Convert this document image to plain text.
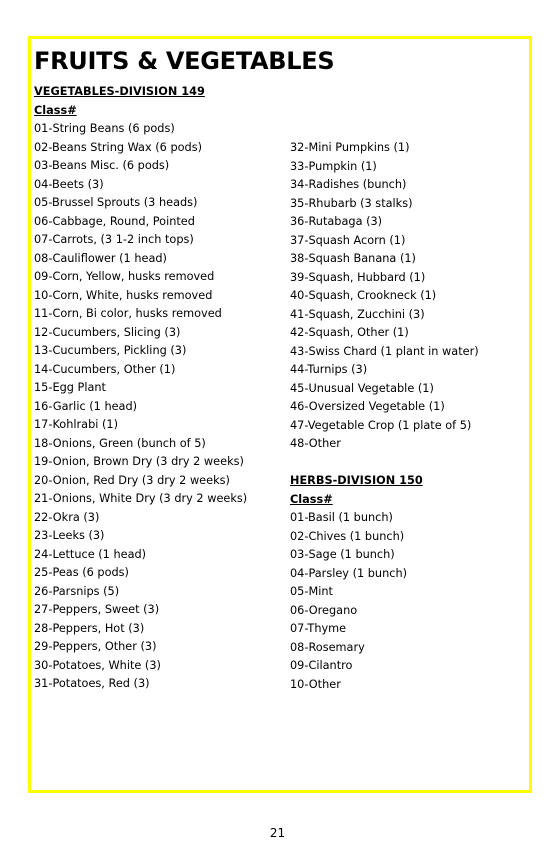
FRUITS & VEGETABLES
VEGETABLES-DIVISION 149
Class#
01-String Beans (6 pods)
02-Beans String Wax (6 pods)
03-Beans Misc. (6 pods)
04-Beets (3)
05-Brussel Sprouts (3 heads)
06-Cabbage, Round, Pointed
07-Carrots, (3 1-2 inch tops)
08-Cauliflower (1 head)
09-Corn, Yellow, husks removed
10-Corn, White, husks removed
11-Corn, Bi color, husks removed
12-Cucumbers, Slicing (3)
13-Cucumbers, Pickling (3)
14-Cucumbers, Other (1)
15-Egg Plant
16-Garlic (1 head)
17-Kohlrabi (1)
18-Onions, Green (bunch of 5)
19-Onion, Brown Dry (3 dry 2 weeks)
20-Onion, Red Dry (3 dry 2 weeks)
21-Onions, White Dry (3 dry 2 weeks)
22-Okra (3)
23-Leeks (3)
24-Lettuce (1 head)
25-Peas (6 pods)
26-Parsnips (5)
27-Peppers, Sweet (3)
28-Peppers, Hot (3)
29-Peppers, Other (3)
30-Potatoes, White (3)
31-Potatoes, Red (3)
32-Mini Pumpkins (1)
33-Pumpkin (1)
34-Radishes (bunch)
35-Rhubarb (3 stalks)
36-Rutabaga (3)
37-Squash Acorn (1)
38-Squash Banana (1)
39-Squash, Hubbard (1)
40-Squash, Crookneck (1)
41-Squash, Zucchini (3)
42-Squash, Other (1)
43-Swiss Chard (1 plant in water)
44-Turnips (3)
45-Unusual Vegetable (1)
46-Oversized Vegetable (1)
47-Vegetable Crop (1 plate of 5)
48-Other
HERBS-DIVISION 150
Class#
01-Basil (1 bunch)
02-Chives (1 bunch)
03-Sage (1 bunch)
04-Parsley (1 bunch)
05-Mint
06-Oregano
07-Thyme
08-Rosemary
09-Cilantro
10-Other
21
